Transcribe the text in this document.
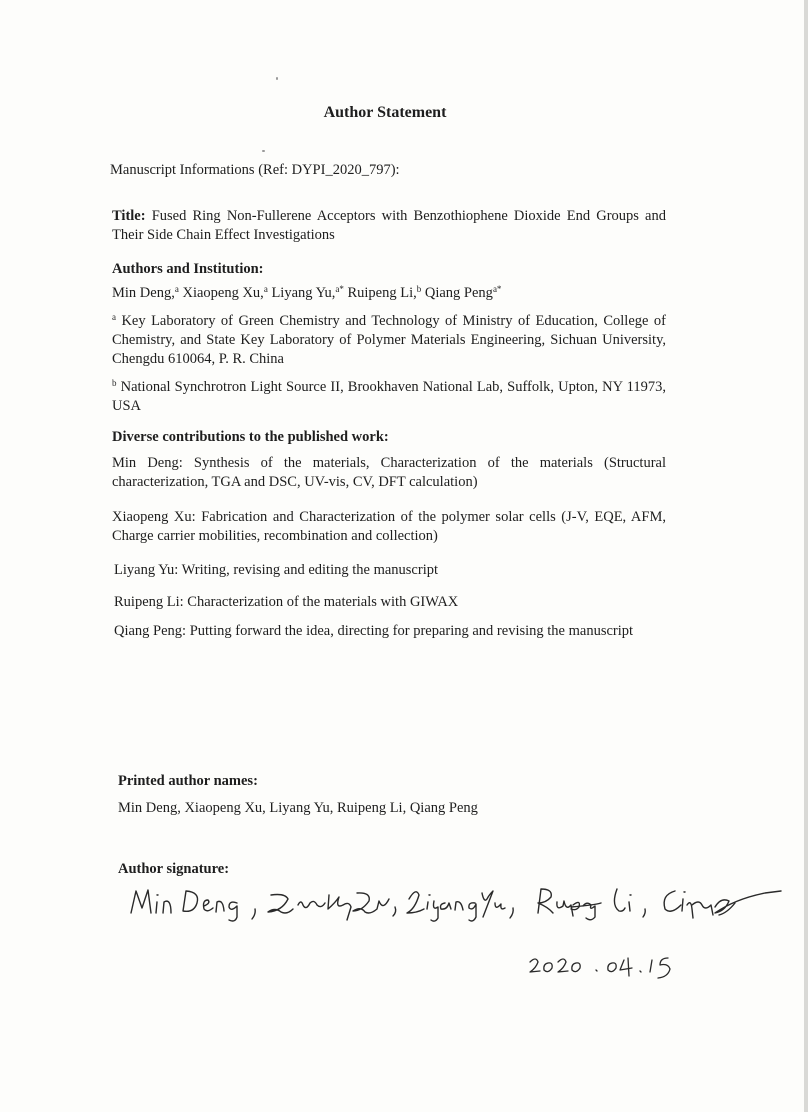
Author Statement
Manuscript Informations (Ref: DYPI_2020_797):
Title: Fused Ring Non-Fullerene Acceptors with Benzothiophene Dioxide End Groups and Their Side Chain Effect Investigations
Authors and Institution:
Min Deng,$^a$ Xiaopeng Xu,$^a$ Liyang Yu,$^{a*}$ Ruipeng Li,$^b$ Qiang Peng$^{a*}$
$^a$ Key Laboratory of Green Chemistry and Technology of Ministry of Education, College of Chemistry, and State Key Laboratory of Polymer Materials Engineering, Sichuan University, Chengdu 610064, P. R. China
$^b$ National Synchrotron Light Source II, Brookhaven National Lab, Suffolk, Upton, NY 11973, USA
Diverse contributions to the published work:
Min Deng: Synthesis of the materials, Characterization of the materials (Structural characterization, TGA and DSC, UV-vis, CV, DFT calculation)
Xiaopeng Xu: Fabrication and Characterization of the polymer solar cells (J-V, EQE, AFM, Charge carrier mobilities, recombination and collection)
Liyang Yu: Writing, revising and editing the manuscript
Ruipeng Li: Characterization of the materials with GIWAX
Qiang Peng: Putting forward the idea, directing for preparing and revising the manuscript
Printed author names:
Min Deng, Xiaopeng Xu, Liyang Yu, Ruipeng Li, Qiang Peng
Author signature:
